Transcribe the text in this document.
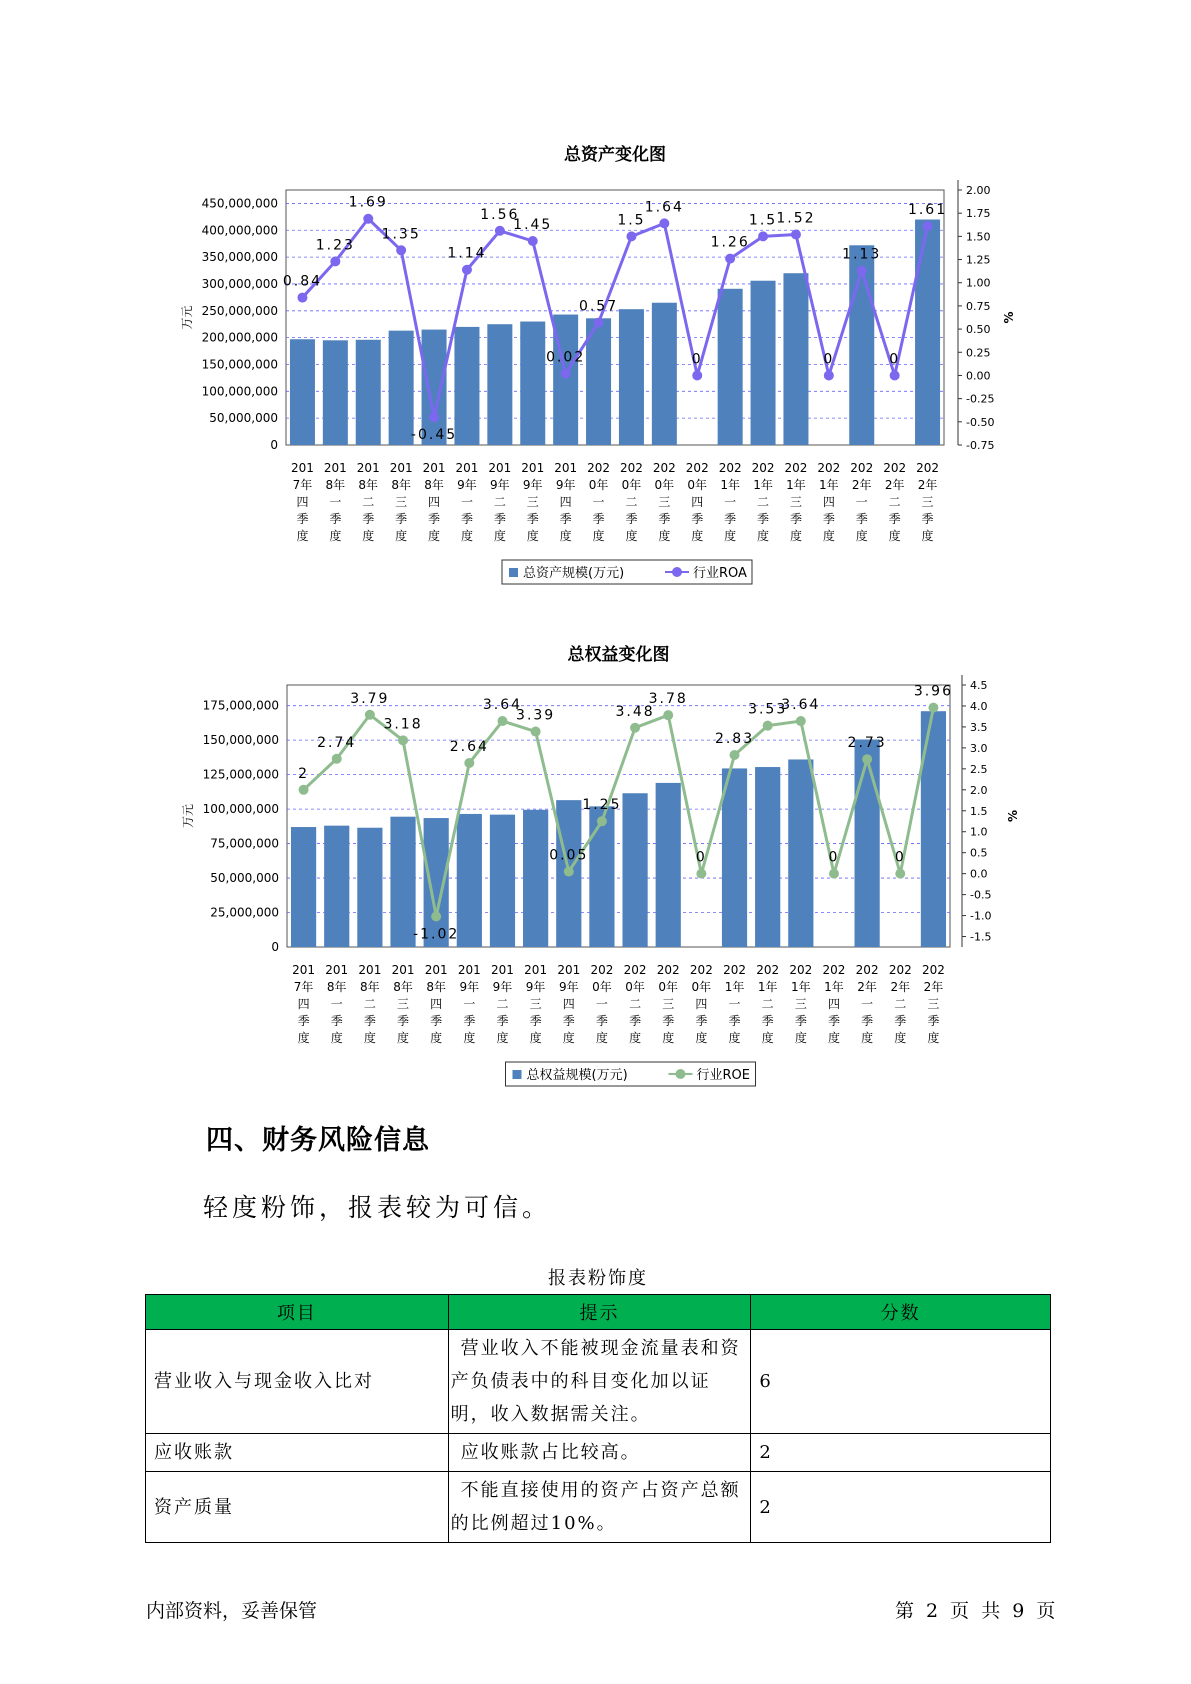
总资产变化图
0
50,000,000
100,000,000
150,000,000
200,000,000
250,000,000
300,000,000
350,000,000
400,000,000
450,000,000
-0.75
-0.50
-0.25
0.00
0.25
0.50
0.75
1.00
1.25
1.50
1.75
2.00
万元	%
0.84
1.23
1.69
1.35
-0.45
1.14
1.56
1.45
0.02
0.57
1.5
1.64
0
1.26
1.5 1.52
0
1.13
0
1.61
201
7年
四
季
度
201
8年
一
季
度
201
8年
二
季
度
201
8年
三
季
度
201
8年
四
季
度
201
9年
一
季
度
201
9年
二
季
度
201
9年
三
季
度
201
9年
四
季
度
202
0年
一
季
度
202
0年
二
季
度
202
0年
三
季
度
202
0年
四
季
度
202
1年
一
季
度
202
1年
二
季
度
202
1年
三
季
度
202
1年
四
季
度
202
2年
一
季
度
202
2年
二
季
度
202
2年
三
季
度
总资产规模(万元)	行业ROA
总权益变化图
0
25,000,000
50,000,000
75,000,000
100,000,000
125,000,000
150,000,000
175,000,000
-1.5
-1.0
-0.5
0.0
0.5
1.0
1.5
2.0
2.5
3.0
3.5
4.0
4.5
万元	%
2
2.74
3.79
3.18
-1.02
2.64
3.64
3.39
0.05
1.25
3.48
3.78
0
2.83
3.53
3.64
0
2.73
0
3.96
201
7年
四
季
度
201
8年
一
季
度
201
8年
二
季
度
201
8年
三
季
度
201
8年
四
季
度
201
9年
一
季
度
201
9年
二
季
度
201
9年
三
季
度
201
9年
四
季
度
202
0年
一
季
度
202
0年
二
季
度
202
0年
三
季
度
202
0年
四
季
度
202
1年
一
季
度
202
1年
二
季
度
202
1年
三
季
度
202
1年
四
季
度
202
2年
一
季
度
202
2年
二
季
度
202
2年
三
季
度
总权益规模(万元)	行业ROE
四、财务风险信息

轻度粉饰，报表较为可信。

报表粉饰度
项目	提示	分数
营业收入与现金收入比对	营业收入不能被现金流量表和资产负债表中的科目变化加以证明，收入数据需关注。	6
应收账款	应收账款占比较高。	2
资产质量	不能直接使用的资产占资产总额的比例超过10%。	2
内部资料，妥善保管	第 2 页 共 9 页
